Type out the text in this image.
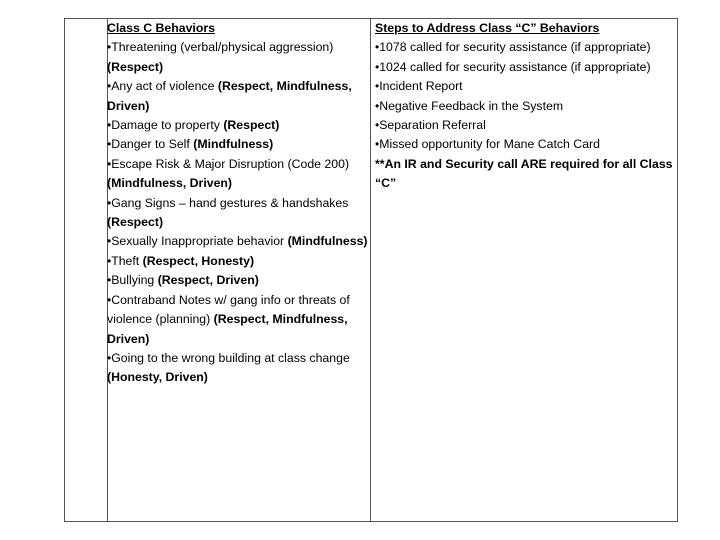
Class C Behaviors
•Threatening (verbal/physical aggression) (Respect)
•Any act of violence (Respect, Mindfulness, Driven)
•Damage to property (Respect)
•Danger to Self (Mindfulness)
•Escape Risk & Major Disruption (Code 200) (Mindfulness, Driven)
•Gang Signs – hand gestures & handshakes (Respect)
•Sexually Inappropriate behavior (Mindfulness)
•Theft (Respect, Honesty)
•Bullying (Respect, Driven)
•Contraband Notes w/ gang info or threats of violence (planning) (Respect, Mindfulness, Driven)
•Going to the wrong building at class change (Honesty, Driven)
Steps to Address Class “C” Behaviors
•1078 called for security assistance (if appropriate)
•1024 called for security assistance (if appropriate)
•Incident Report
•Negative Feedback in the System
•Separation Referral
•Missed opportunity for Mane Catch Card
**An IR and Security call ARE required for all Class “C”
